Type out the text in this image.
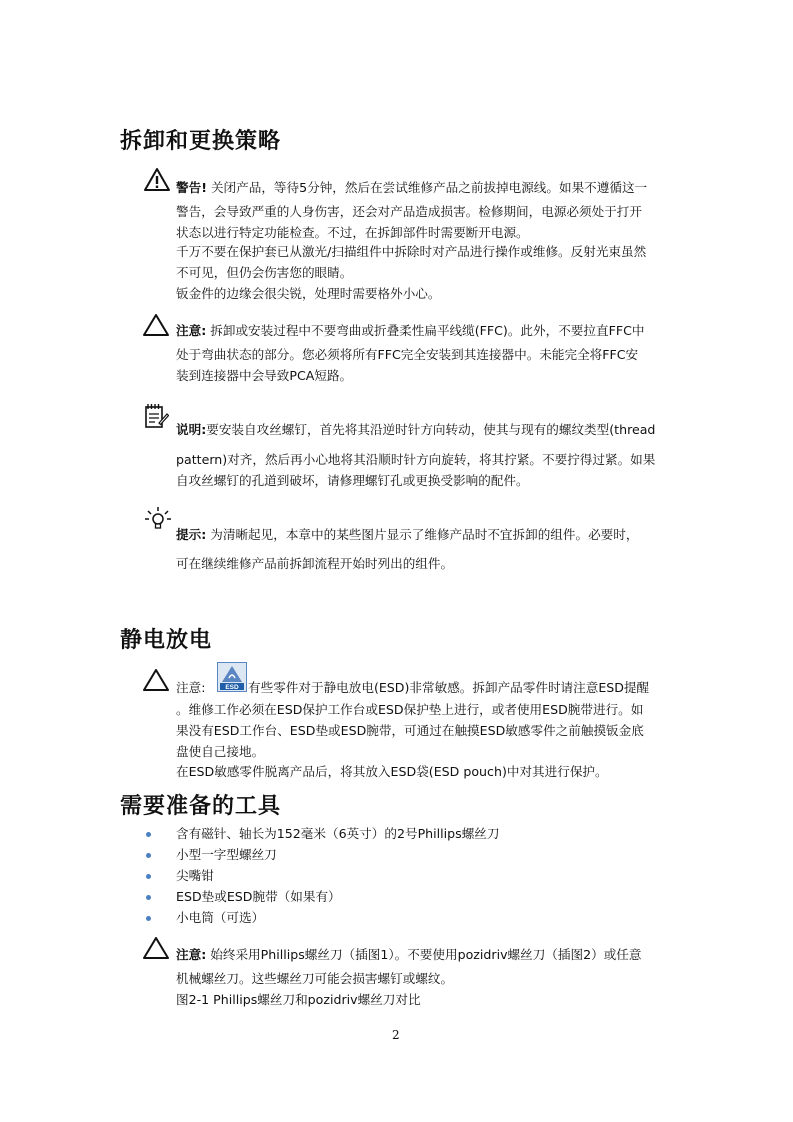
拆卸和更换策略
警告! 关闭产品，等待5分钟，然后在尝试维修产品之前拔掉电源线。如果不遵循这一
警告，会导致严重的人身伤害，还会对产品造成损害。检修期间，电源必须处于打开
状态以进行特定功能检查。不过，在拆卸部件时需要断开电源。
千万不要在保护套已从激光/扫描组件中拆除时对产品进行操作或维修。反射光束虽然
不可见，但仍会伤害您的眼睛。
钣金件的边缘会很尖锐，处理时需要格外小心。
注意: 拆卸或安装过程中不要弯曲或折叠柔性扁平线缆(FFC)。此外，不要拉直FFC中
处于弯曲状态的部分。您必须将所有FFC完全安装到其连接器中。未能完全将FFC安
装到连接器中会导致PCA短路。
说明:要安装自攻丝螺钉，首先将其沿逆时针方向转动，使其与现有的螺纹类型(thread
pattern)对齐，然后再小心地将其沿顺时针方向旋转，将其拧紧。不要拧得过紧。如果
自攻丝螺钉的孔道到破坏，请修理螺钉孔或更换受影响的配件。
提示: 为清晰起见，本章中的某些图片显示了维修产品时不宜拆卸的组件。必要时，
可在继续维修产品前拆卸流程开始时列出的组件。
静电放电
注意:	ESD 有些零件对于静电放电(ESD)非常敏感。拆卸产品零件时请注意ESD提醒
。维修工作必须在ESD保护工作台或ESD保护垫上进行，或者使用ESD腕带进行。如
果没有ESD工作台、ESD垫或ESD腕带，可通过在触摸ESD敏感零件之前触摸钣金底
盘使自己接地。
在ESD敏感零件脱离产品后，将其放入ESD袋(ESD pouch)中对其进行保护。
需要准备的工具
含有磁针、轴长为152毫米（6英寸）的2号Phillips螺丝刀
小型一字型螺丝刀
尖嘴钳
ESD垫或ESD腕带（如果有）
小电筒（可选）
注意: 始终采用Phillips螺丝刀（插图1）。不要使用pozidriv螺丝刀（插图2）或任意
机械螺丝刀。这些螺丝刀可能会损害螺钉或螺纹。
图2-1 Phillips螺丝刀和pozidriv螺丝刀对比
2
